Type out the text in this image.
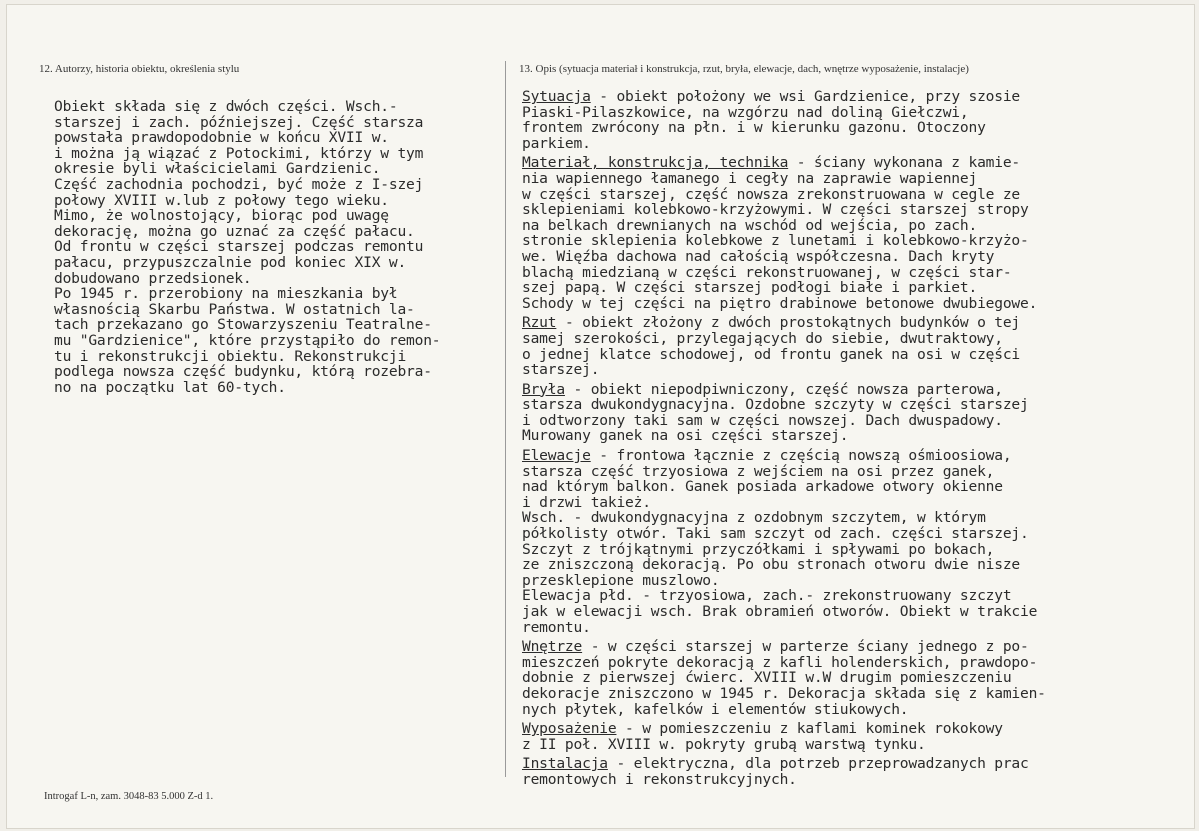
12. Autorzy, historia obiektu, określenia stylu	13. Opis (sytuacja materiał i konstrukcja, rzut, bryła, elewacje, dach, wnętrze wyposażenie, instalacje)
Obiekt składa się z dwóch części. Wsch.-
starszej i zach. późniejszej. Część starsza
powstała prawdopodobnie w końcu XVII w.
i można ją wiązać z Potockimi, którzy w tym
okresie byli właścicielami Gardzienic.
Część zachodnia pochodzi, być może z I-szej
połowy XVIII w.lub z połowy tego wieku.
Mimo, że wolnostojący, biorąc pod uwagę
dekorację, można go uznać za część pałacu.
Od frontu w części starszej podczas remontu
pałacu, przypuszczalnie pod koniec XIX w.
dobudowano przedsionek.
Po 1945 r. przerobiony na mieszkania był
własnością Skarbu Państwa. W ostatnich la-
tach przekazano go Stowarzyszeniu Teatralne-
mu "Gardzienice", które przystąpiło do remon-
tu i rekonstrukcji obiektu. Rekonstrukcji
podlega nowsza część budynku, którą rozebra-
no na początku lat 60-tych.
Sytuacja - obiekt położony we wsi Gardzienice, przy szosie
Piaski-Pilaszkowice, na wzgórzu nad doliną Giełczwi,
frontem zwrócony na płn. i w kierunku gazonu. Otoczony
parkiem.
Materiał, konstrukcja, technika - ściany wykonana z kamie-
nia wapiennego łamanego i cegły na zaprawie wapiennej
w części starszej, część nowsza zrekonstruowana w cegle ze
sklepieniami kolebkowo-krzyżowymi. W części starszej stropy
na belkach drewnianych na wschód od wejścia, po zach.
stronie sklepienia kolebkowe z lunetami i kolebkowo-krzyżo-
we. Więźba dachowa nad całością współczesna. Dach kryty
blachą miedzianą w części rekonstruowanej, w części star-
szej papą. W części starszej podłogi białe i parkiet.
Schody w tej części na piętro drabinowe betonowe dwubiegowe.
Rzut - obiekt złożony z dwóch prostokątnych budynków o tej
samej szerokości, przylegających do siebie, dwutraktowy,
o jednej klatce schodowej, od frontu ganek na osi w części
starszej.
Bryła - obiekt niepodpiwniczony, część nowsza parterowa,
starsza dwukondygnacyjna. Ozdobne szczyty w części starszej
i odtworzony taki sam w części nowszej. Dach dwuspadowy.
Murowany ganek na osi części starszej.
Elewacje - frontowa łącznie z częścią nowszą ośmioosiowa,
starsza część trzyosiowa z wejściem na osi przez ganek,
nad którym balkon. Ganek posiada arkadowe otwory okienne
i drzwi takież.
Wsch. - dwukondygnacyjna z ozdobnym szczytem, w którym
półkolisty otwór. Taki sam szczyt od zach. części starszej.
Szczyt z trójkątnymi przyczółkami i spływami po bokach,
ze zniszczoną dekoracją. Po obu stronach otworu dwie nisze
przesklepione muszlowo.
Elewacja płd. - trzyosiowa, zach.- zrekonstruowany szczyt
jak w elewacji wsch. Brak obramień otworów. Obiekt w trakcie
remontu.
Wnętrze - w części starszej w parterze ściany jednego z po-
mieszczeń pokryte dekoracją z kafli holenderskich, prawdopo-
dobnie z pierwszej ćwierc. XVIII w.W drugim pomieszczeniu
dekoracje zniszczono w 1945 r. Dekoracja składa się z kamien-
nych płytek, kafelków i elementów stiukowych.
Wyposażenie - w pomieszczeniu z kaflami kominek rokokowy
z II poł. XVIII w. pokryty grubą warstwą tynku.
Instalacja - elektryczna, dla potrzeb przeprowadzanych prac
remontowych i rekonstrukcyjnych.
Introgaf L-n, zam. 3048-83 5.000 Z-d 1.
